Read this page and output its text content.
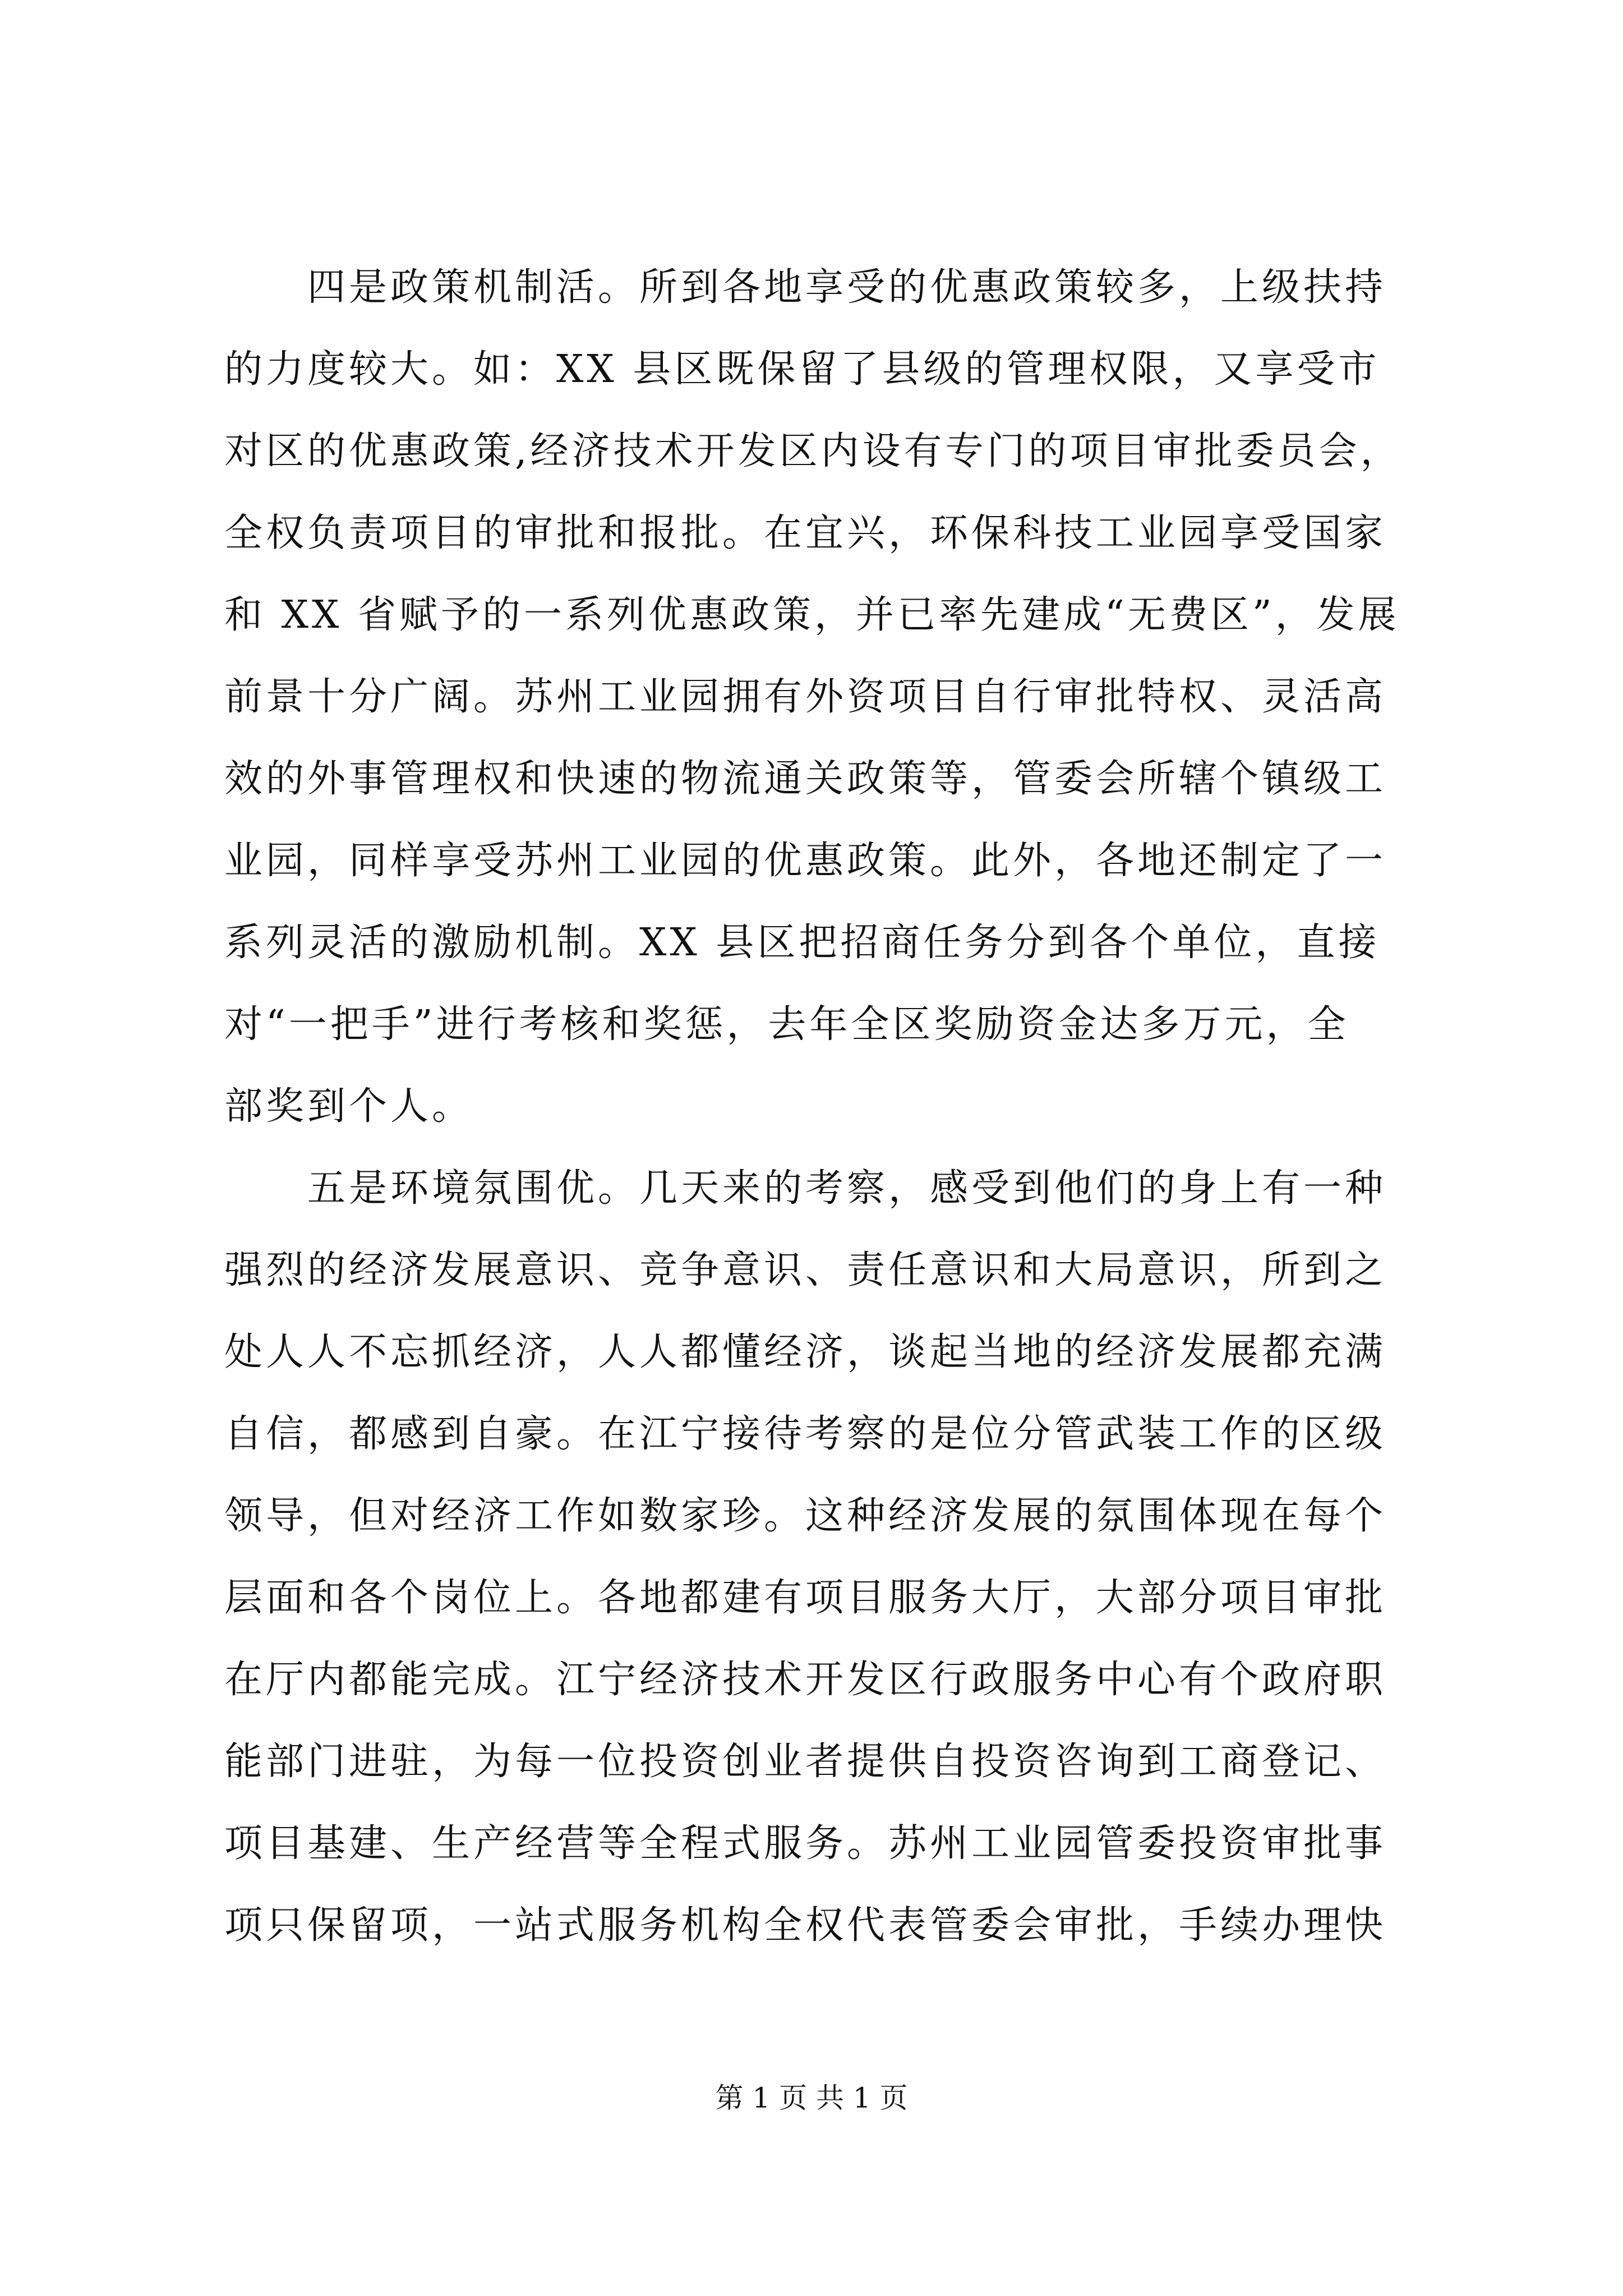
　　四是政策机制活。所到各地享受的优惠政策较多，上级扶持
的力度较大。如：XX 县区既保留了县级的管理权限，又享受市
对区的优惠政策,经济技术开发区内设有专门的项目审批委员会，
全权负责项目的审批和报批。在宜兴，环保科技工业园享受国家
和 XX 省赋予的一系列优惠政策，并已率先建成“无费区”，发展
前景十分广阔。苏州工业园拥有外资项目自行审批特权、灵活高
效的外事管理权和快速的物流通关政策等，管委会所辖个镇级工
业园，同样享受苏州工业园的优惠政策。此外，各地还制定了一
系列灵活的激励机制。XX 县区把招商任务分到各个单位，直接
对“一把手”进行考核和奖惩，去年全区奖励资金达多万元，全
部奖到个人。
　　五是环境氛围优。几天来的考察，感受到他们的身上有一种
强烈的经济发展意识、竞争意识、责任意识和大局意识，所到之
处人人不忘抓经济，人人都懂经济，谈起当地的经济发展都充满
自信，都感到自豪。在江宁接待考察的是位分管武装工作的区级
领导，但对经济工作如数家珍。这种经济发展的氛围体现在每个
层面和各个岗位上。各地都建有项目服务大厅，大部分项目审批
在厅内都能完成。江宁经济技术开发区行政服务中心有个政府职
能部门进驻，为每一位投资创业者提供自投资咨询到工商登记、
项目基建、生产经营等全程式服务。苏州工业园管委投资审批事
项只保留项，一站式服务机构全权代表管委会审批，手续办理快
第 1 页 共 1 页
